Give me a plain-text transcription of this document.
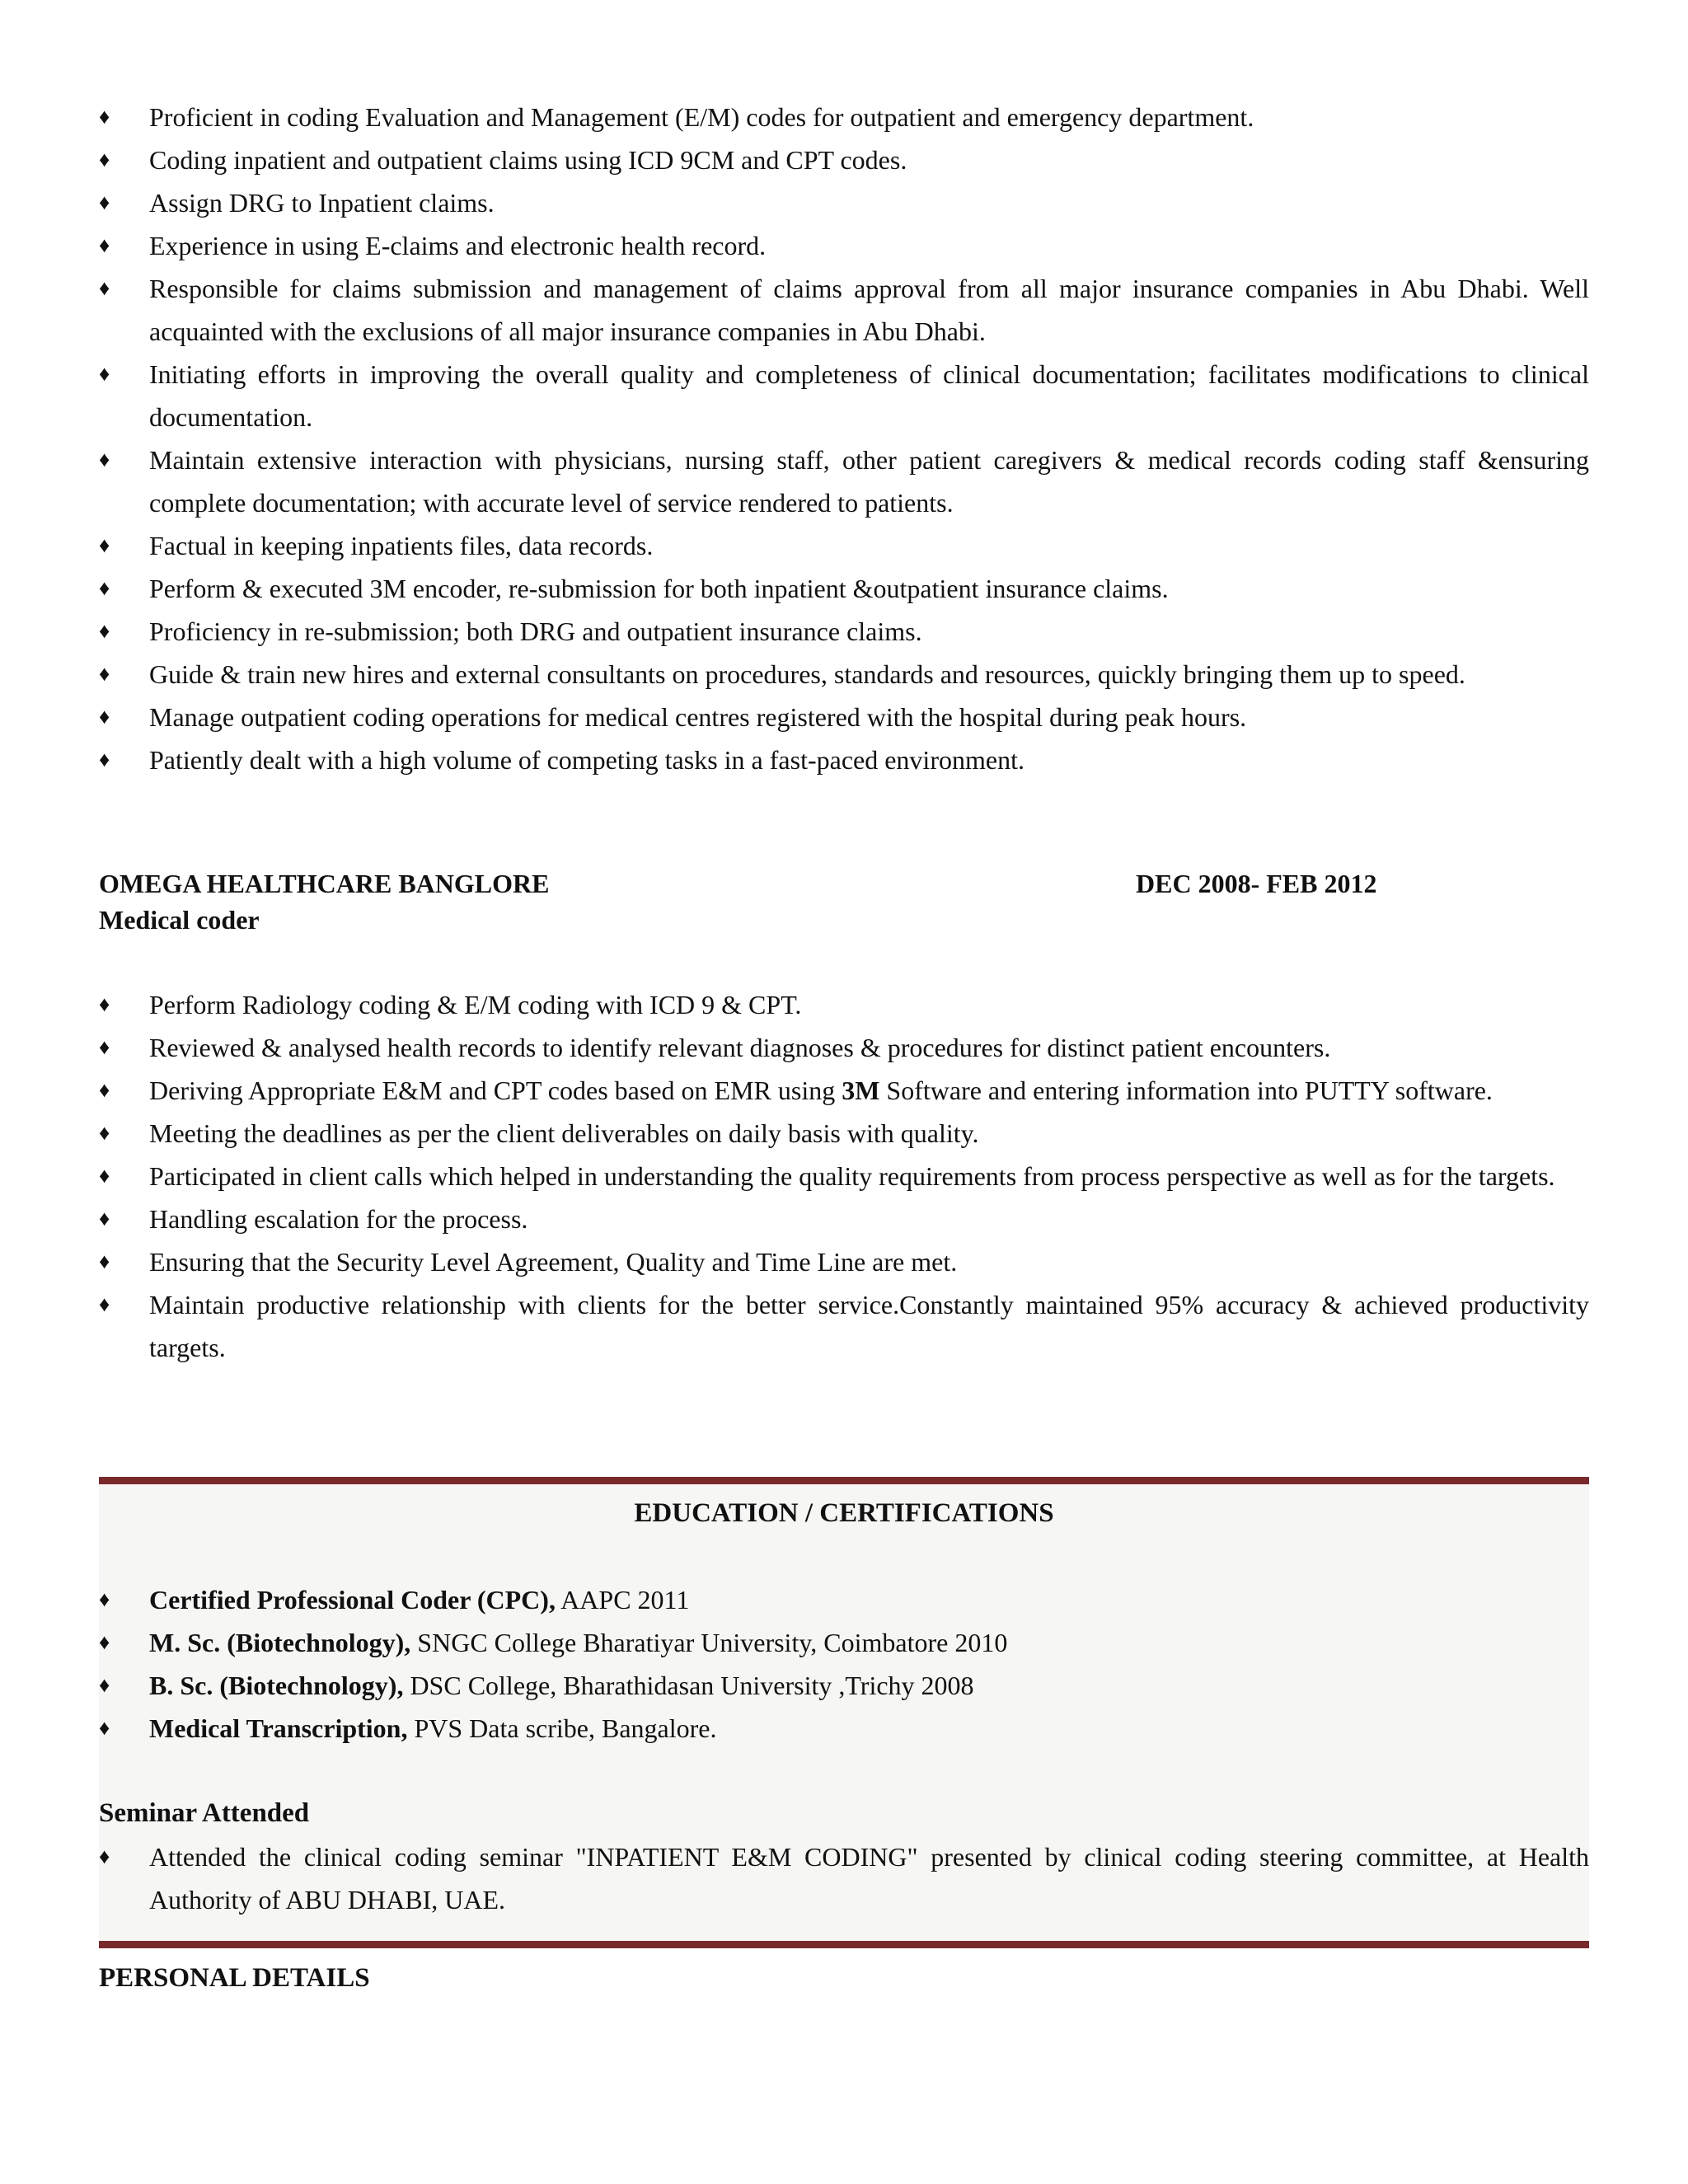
♦	Proficient in coding Evaluation and Management (E/M) codes for outpatient and emergency department.
♦	Coding inpatient and outpatient claims using ICD 9CM and CPT codes.
♦	Assign DRG to Inpatient claims.
♦	Experience in using E-claims and electronic health record.
♦	Responsible for claims submission and management of claims approval from all major insurance companies in Abu Dhabi. Well acquainted with the exclusions of all major insurance companies in Abu Dhabi.
♦	Initiating efforts in improving the overall quality and completeness of clinical documentation; facilitates modifications to clinical documentation.
♦	Maintain extensive interaction with physicians, nursing staff, other patient caregivers & medical records coding staff &ensuring complete documentation; with accurate level of service rendered to patients.
♦	Factual in keeping inpatients files, data records.
♦	Perform & executed 3M encoder, re-submission for both inpatient &outpatient insurance claims.
♦	Proficiency in re-submission; both DRG and outpatient insurance claims.
♦	Guide & train new hires and external consultants on procedures, standards and resources, quickly bringing them up to speed.
♦	Manage outpatient coding operations for medical centres registered with the hospital during peak hours.
♦	Patiently dealt with a high volume of competing tasks in a fast-paced environment.
OMEGA HEALTHCARE BANGLORE	DEC 2008- FEB 2012
Medical coder
♦	Perform Radiology coding & E/M coding with ICD 9 & CPT.
♦	Reviewed & analysed health records to identify relevant diagnoses & procedures for distinct patient encounters.
♦	Deriving Appropriate E&M and CPT codes based on EMR using 3M Software and entering information into PUTTY software.
♦	Meeting the deadlines as per the client deliverables on daily basis with quality.
♦	Participated in client calls which helped in understanding the quality requirements from process perspective as well as for the targets.
♦	Handling escalation for the process.
♦	Ensuring that the Security Level Agreement, Quality and Time Line are met.
♦	Maintain productive relationship with clients for the better service.Constantly maintained 95% accuracy & achieved productivity targets.
EDUCATION / CERTIFICATIONS
♦	Certified Professional Coder (CPC), AAPC 2011
♦	M. Sc. (Biotechnology), SNGC College Bharatiyar University, Coimbatore 2010
♦	B. Sc. (Biotechnology), DSC College, Bharathidasan University ,Trichy 2008
♦	Medical Transcription, PVS Data scribe, Bangalore.
Seminar Attended
♦	Attended the clinical coding seminar "INPATIENT E&M CODING" presented by clinical coding steering committee, at Health Authority of ABU DHABI, UAE.
PERSONAL DETAILS
